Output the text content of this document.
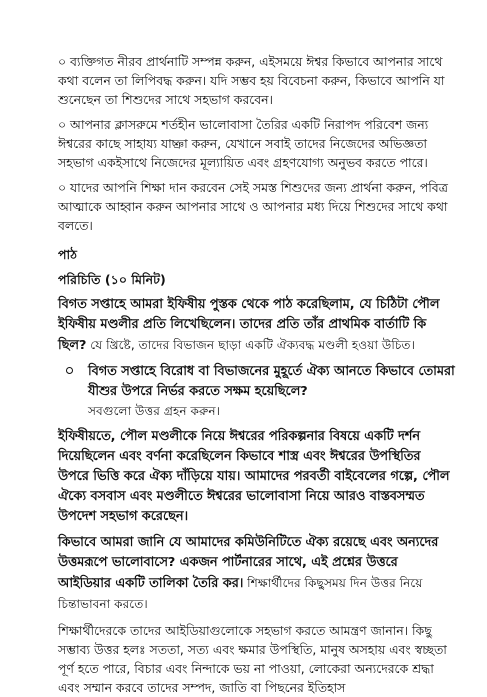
০ ব্যক্তিগত নীরব প্রার্থনাটি সম্পন্ন করুন, এইসময়ে ঈশ্বর কিভাবে আপনার সাথে কথা বলেন তা লিপিবদ্ধ করুন। যদি সম্ভব হয় বিবেচনা করুন, কিভাবে আপনি যা শুনেছেন তা শিশুদের সাথে সহভাগ করবেন।

০ আপনার ক্লাসরুমে শর্তহীন ভালোবাসা তৈরির একটি নিরাপদ পরিবেশ জন্য ঈশ্বরের কাছে সাহায্য যাচ্ঞা করুন, যেখানে সবাই তাদের নিজেদের অভিজ্ঞতা সহভাগ একইসাথে নিজেদের মূল্যায়িত এবং গ্রহণযোগ্য অনুভব করতে পারে।

০ যাদের আপনি শিক্ষা দান করবেন সেই সমস্ত শিশুদের জন্য প্রার্থনা করুন, পবিত্র আত্মাকে আহ্বান করুন আপনার সাথে ও আপনার মধ্য দিয়ে শিশুদের সাথে কথা বলতে।

পাঠ

পরিচিতি (১০ মিনিট)

বিগত সপ্তাহে আমরা ইফিষীয় পুস্তক থেকে পাঠ করেছিলাম, যে চিঠিটা পৌল ইফিষীয় মণ্ডলীর প্রতি লিখেছিলেন। তাদের প্রতি তাঁর প্রাথমিক বার্তাটি কি ছিল? যে খ্রিষ্টে, তাদের বিভাজন ছাড়া একটি ঐক্যবদ্ধ মণ্ডলী হওয়া উচিত।

বিগত সপ্তাহে বিরোধ বা বিভাজনের মুহূর্তে ঐক্য আনতে কিভাবে তোমরা যীশুর উপরে নির্ভর করতে সক্ষম হয়েছিলে?

সবগুলো উত্তর গ্রহন করুন।

ইফিষীয়তে, পৌল মণ্ডলীকে নিয়ে ঈশ্বরের পরিকল্পনার বিষয়ে একটি দর্শন দিয়েছিলেন এবং বর্ণনা করেছিলেন কিভাবে শাস্ত্র এবং ঈশ্বরের উপস্থিতির উপরে ভিত্তি করে ঐক্য দাঁড়িয়ে যায়। আমাদের পরবর্তী বাইবেলের গল্পে, পৌল ঐক্যে বসবাস এবং মণ্ডলীতে ঈশ্বরের ভালোবাসা নিয়ে আরও বাস্তবসম্মত উপদেশ সহভাগ করেছেন।

কিভাবে আমরা জানি যে আমাদের কমিউনিটিতে ঐক্য রয়েছে এবং অন্যদের উত্তমরূপে ভালোবাসে? একজন পার্টনারের সাথে, এই প্রশ্নের উত্তরে আইডিয়ার একটি তালিকা তৈরি কর। শিক্ষার্থীদের কিছুসময় দিন উত্তর নিয়ে চিন্তাভাবনা করতে।

শিক্ষার্থীদেরকে তাদের আইডিয়াগুলোকে সহভাগ করতে আমন্ত্রণ জানান। কিছু সম্ভাব্য উত্তর হলঃ সততা, সত্য এবং ক্ষমার উপস্থিতি, মানুষ অসহায় এবং স্বচ্ছতা পূর্ণ হতে পারে, বিচার এবং নিন্দাকে ভয় না পাওয়া, লোকেরা অন্যদেরকে শ্রদ্ধা এবং সম্মান করবে তাদের সম্পদ, জাতি বা পিছনের ইতিহাস
